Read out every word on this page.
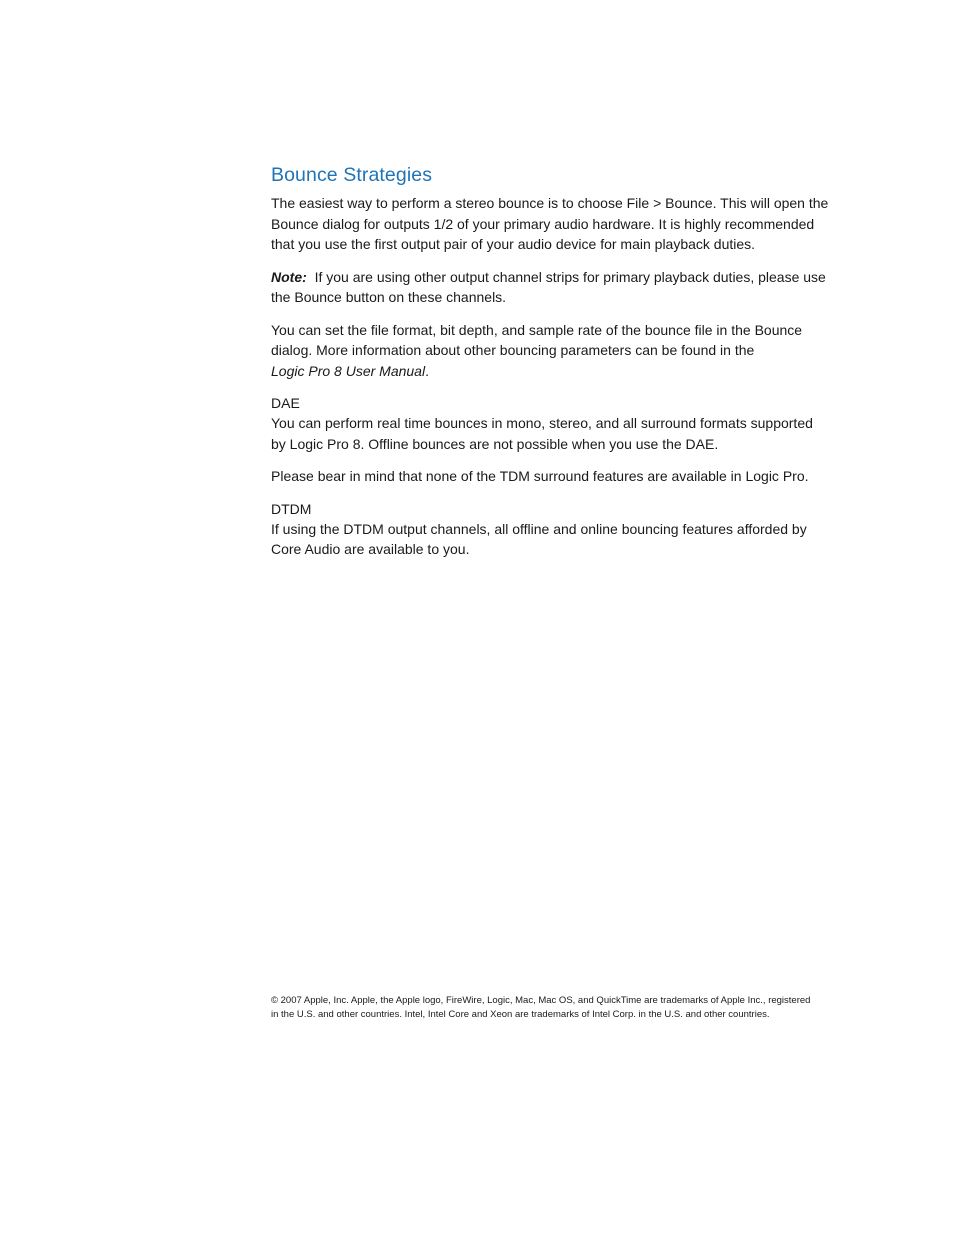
Bounce Strategies

The easiest way to perform a stereo bounce is to choose File > Bounce. This will open the Bounce dialog for outputs 1/2 of your primary audio hardware. It is highly recommended that you use the first output pair of your audio device for main playback duties.

Note: If you are using other output channel strips for primary playback duties, please use the Bounce button on these channels.

You can set the file format, bit depth, and sample rate of the bounce file in the Bounce dialog. More information about other bouncing parameters can be found in the
Logic Pro 8 User Manual.

DAE

You can perform real time bounces in mono, stereo, and all surround formats supported by Logic Pro 8. Offline bounces are not possible when you use the DAE.

Please bear in mind that none of the TDM surround features are available in Logic Pro.

DTDM

If using the DTDM output channels, all offline and online bouncing features afforded by Core Audio are available to you.

© 2007 Apple, Inc. Apple, the Apple logo, FireWire, Logic, Mac, Mac OS, and QuickTime are trademarks of Apple Inc., registered in the U.S. and other countries. Intel, Intel Core and Xeon are trademarks of Intel Corp. in the U.S. and other countries.
